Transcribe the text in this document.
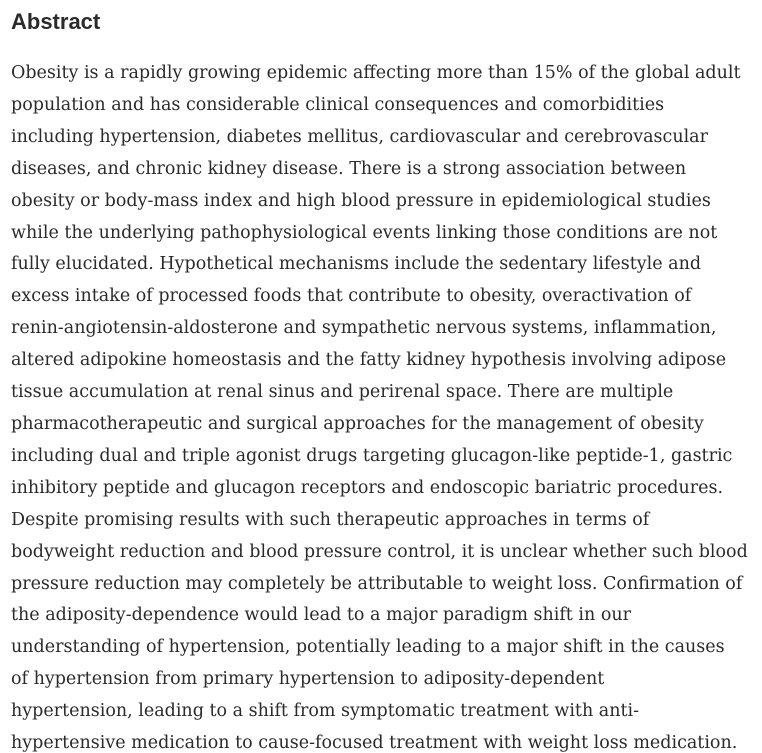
Abstract

Obesity is a rapidly growing epidemic affecting more than 15% of the global adult
population and has considerable clinical consequences and comorbidities
including hypertension, diabetes mellitus, cardiovascular and cerebrovascular
diseases, and chronic kidney disease. There is a strong association between
obesity or body-mass index and high blood pressure in epidemiological studies
while the underlying pathophysiological events linking those conditions are not
fully elucidated. Hypothetical mechanisms include the sedentary lifestyle and
excess intake of processed foods that contribute to obesity, overactivation of
renin-angiotensin-aldosterone and sympathetic nervous systems, inflammation,
altered adipokine homeostasis and the fatty kidney hypothesis involving adipose
tissue accumulation at renal sinus and perirenal space. There are multiple
pharmacotherapeutic and surgical approaches for the management of obesity
including dual and triple agonist drugs targeting glucagon-like peptide-1, gastric
inhibitory peptide and glucagon receptors and endoscopic bariatric procedures.
Despite promising results with such therapeutic approaches in terms of
bodyweight reduction and blood pressure control, it is unclear whether such blood
pressure reduction may completely be attributable to weight loss. Confirmation of
the adiposity-dependence would lead to a major paradigm shift in our
understanding of hypertension, potentially leading to a major shift in the causes
of hypertension from primary hypertension to adiposity-dependent
hypertension, leading to a shift from symptomatic treatment with anti-
hypertensive medication to cause-focused treatment with weight loss medication.
